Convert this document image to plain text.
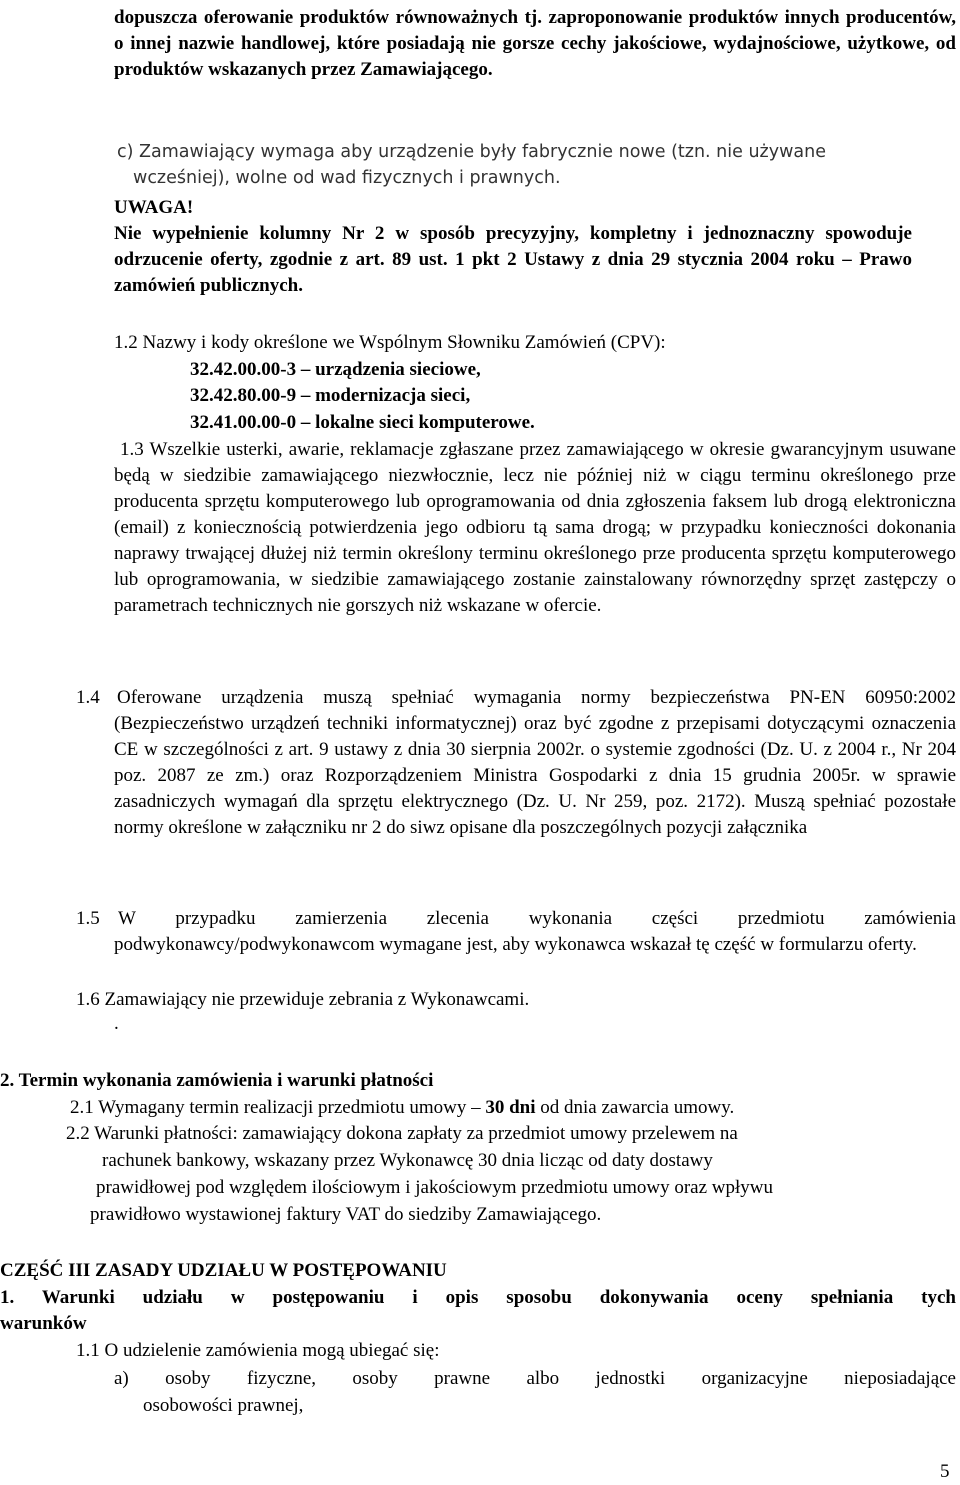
dopuszcza oferowanie produktów równoważnych tj. zaproponowanie produktów innych producentów, o innej nazwie handlowej, które posiadają nie gorsze cechy jakościowe, wydajnościowe, użytkowe, od produktów wskazanych przez Zamawiającego.

c) Zamawiający wymaga aby urządzenie były fabrycznie nowe (tzn. nie używane
wcześniej), wolne od wad fizycznych i prawnych.
UWAGA!

Nie wypełnienie kolumny Nr 2 w sposób precyzyjny, kompletny i jednoznaczny spowoduje odrzucenie oferty, zgodnie z art. 89 ust. 1 pkt 2 Ustawy z dnia 29 stycznia 2004 roku – Prawo zamówień publicznych.

1.2 Nazwy i kody określone we Wspólnym Słowniku Zamówień (CPV):
32.42.00.00-3 – urządzenia sieciowe,
32.42.80.00-9 – modernizacja sieci,
32.41.00.00-0 – lokalne sieci komputerowe.

1.3 Wszelkie usterki, awarie, reklamacje zgłaszane przez zamawiającego w okresie gwarancyjnym usuwane będą w siedzibie zamawiającego niezwłocznie, lecz nie później niż w ciągu terminu określonego prze producenta sprzętu komputerowego lub oprogramowania od dnia zgłoszenia faksem lub drogą elektroniczna (email) z koniecznością potwierdzenia jego odbioru tą sama drogą; w przypadku konieczności dokonania naprawy trwającej dłużej niż termin określony terminu określonego prze producenta sprzętu komputerowego lub oprogramowania, w siedzibie zamawiającego zostanie zainstalowany równorzędny sprzęt zastępczy o parametrach technicznych nie gorszych niż wskazane w ofercie.

1.4 Oferowane urządzenia muszą spełniać wymagania normy bezpieczeństwa PN-EN 60950:2002 (Bezpieczeństwo urządzeń techniki informatycznej) oraz być zgodne z przepisami dotyczącymi oznaczenia CE w szczególności z art. 9 ustawy z dnia 30 sierpnia 2002r. o systemie zgodności (Dz. U. z 2004 r., Nr 204 poz. 2087 ze zm.) oraz Rozporządzeniem Ministra Gospodarki z dnia 15 grudnia 2005r. w sprawie zasadniczych wymagań dla sprzętu elektrycznego (Dz. U. Nr 259, poz. 2172). Muszą spełniać pozostałe normy określone w załączniku nr 2 do siwz opisane dla poszczególnych pozycji załącznika

1.5 W przypadku zamierzenia zlecenia wykonania części przedmiotu zamówienia podwykonawcy/podwykonawcom wymagane jest, aby wykonawca wskazał tę część w formularzu oferty.

1.6 Zamawiający nie przewiduje zebrania z Wykonawcami.
.
2. Termin wykonania zamówienia i warunki płatności
2.1 Wymagany termin realizacji przedmiotu umowy – 30 dni od dnia zawarcia umowy.
2.2 Warunki płatności: zamawiający dokona zapłaty za przedmiot umowy przelewem na
rachunek bankowy, wskazany przez Wykonawcę 30 dnia licząc od daty dostawy
prawidłowej pod względem ilościowym i jakościowym przedmiotu umowy oraz wpływu
prawidłowo wystawionej faktury VAT do siedziby Zamawiającego.
CZĘŚĆ III ZASADY UDZIAŁU W POSTĘPOWANIU
1. Warunki udziału w postępowaniu i opis sposobu dokonywania oceny spełniania tych
warunków
1.1 O udzielenie zamówienia mogą ubiegać się:
a) osoby fizyczne, osoby prawne albo jednostki organizacyjne nieposiadające
osobowości prawnej,
5
